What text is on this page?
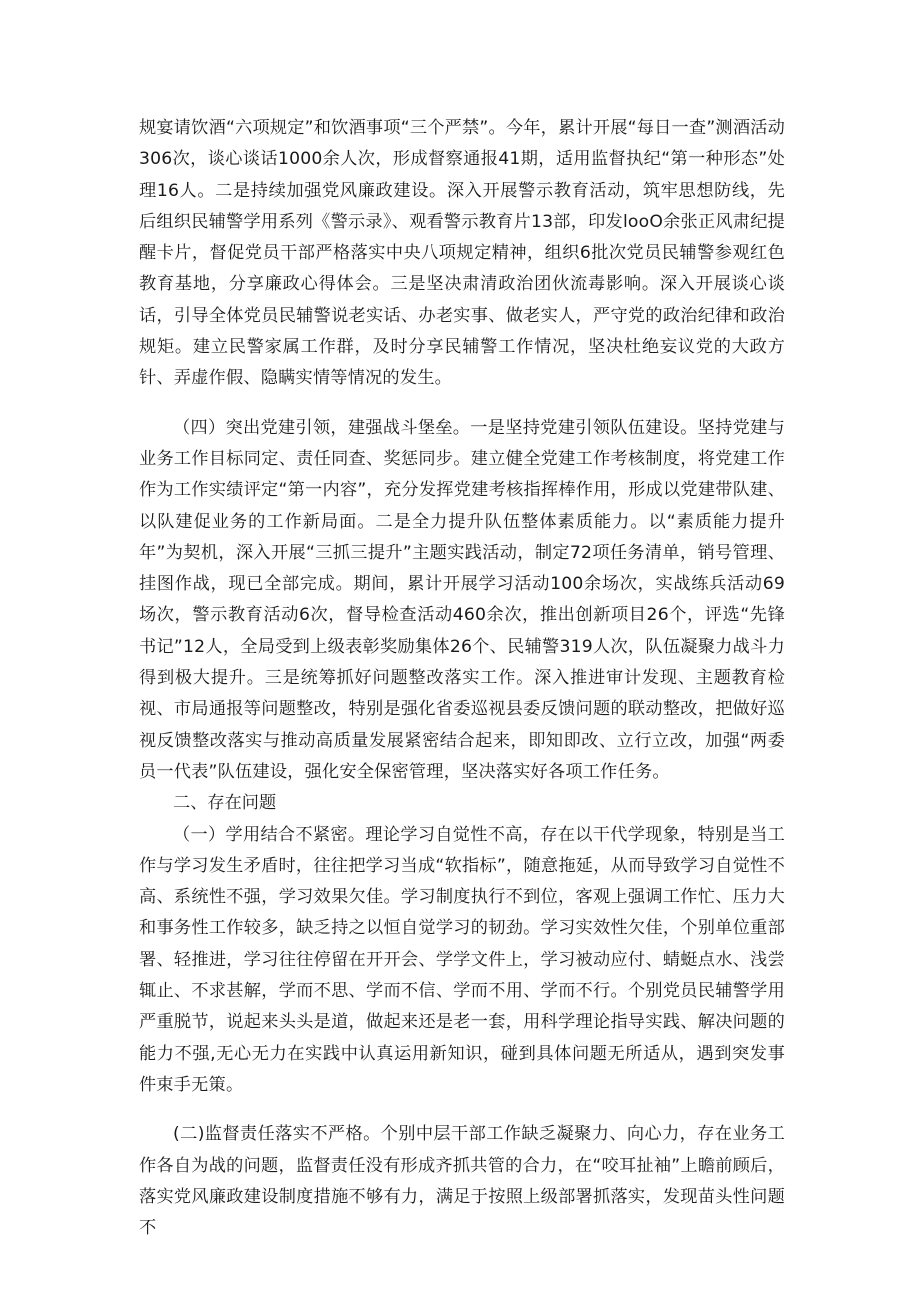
规宴请饮酒“六项规定”和饮酒事项“三个严禁”。今年，累计开展“每日一查”测酒活动306次，谈心谈话1000余人次，形成督察通报41期，适用监督执纪“第一种形态”处理16人。二是持续加强党风廉政建设。深入开展警示教育活动，筑牢思想防线，先后组织民辅警学用系列《警示录》、观看警示教育片13部，印发looO余张正风肃纪提醒卡片，督促党员干部严格落实中央八项规定精神，组织6批次党员民辅警参观红色教育基地，分享廉政心得体会。三是坚决肃清政治团伙流毒影响。深入开展谈心谈话，引导全体党员民辅警说老实话、办老实事、做老实人，严守党的政治纪律和政治规矩。建立民警家属工作群，及时分享民辅警工作情况，坚决杜绝妄议党的大政方针、弄虚作假、隐瞒实情等情况的发生。

（四）突出党建引领，建强战斗堡垒。一是坚持党建引领队伍建设。坚持党建与业务工作目标同定、责任同查、奖惩同步。建立健全党建工作考核制度，将党建工作作为工作实绩评定“第一内容”，充分发挥党建考核指挥棒作用，形成以党建带队建、以队建促业务的工作新局面。二是全力提升队伍整体素质能力。以“素质能力提升年”为契机，深入开展“三抓三提升”主题实践活动，制定72项任务清单，销号管理、挂图作战，现已全部完成。期间，累计开展学习活动100余场次，实战练兵活动69场次，警示教育活动6次，督导检查活动460余次，推出创新项目26个，评选“先锋书记”12人，全局受到上级表彰奖励集体26个、民辅警319人次，队伍凝聚力战斗力得到极大提升。三是统筹抓好问题整改落实工作。深入推进审计发现、主题教育检视、市局通报等问题整改，特别是强化省委巡视县委反馈问题的联动整改，把做好巡视反馈整改落实与推动高质量发展紧密结合起来，即知即改、立行立改，加强“两委员一代表”队伍建设，强化安全保密管理，坚决落实好各项工作任务。

二、存在问题

（一）学用结合不紧密。理论学习自觉性不高，存在以干代学现象，特别是当工作与学习发生矛盾时，往往把学习当成“软指标”，随意拖延，从而导致学习自觉性不高、系统性不强，学习效果欠佳。学习制度执行不到位，客观上强调工作忙、压力大和事务性工作较多，缺乏持之以恒自觉学习的韧劲。学习实效性欠佳，个别单位重部署、轻推进，学习往往停留在开开会、学学文件上，学习被动应付、蜻蜓点水、浅尝辄止、不求甚解，学而不思、学而不信、学而不用、学而不行。个别党员民辅警学用严重脱节，说起来头头是道，做起来还是老一套，用科学理论指导实践、解决问题的能力不强,无心无力在实践中认真运用新知识，碰到具体问题无所适从，遇到突发事件束手无策。

(二)监督责任落实不严格。个别中层干部工作缺乏凝聚力、向心力，存在业务工作各自为战的问题，监督责任没有形成齐抓共管的合力，在“咬耳扯袖”上瞻前顾后，落实党风廉政建设制度措施不够有力，满足于按照上级部署抓落实，发现苗头性问题不
